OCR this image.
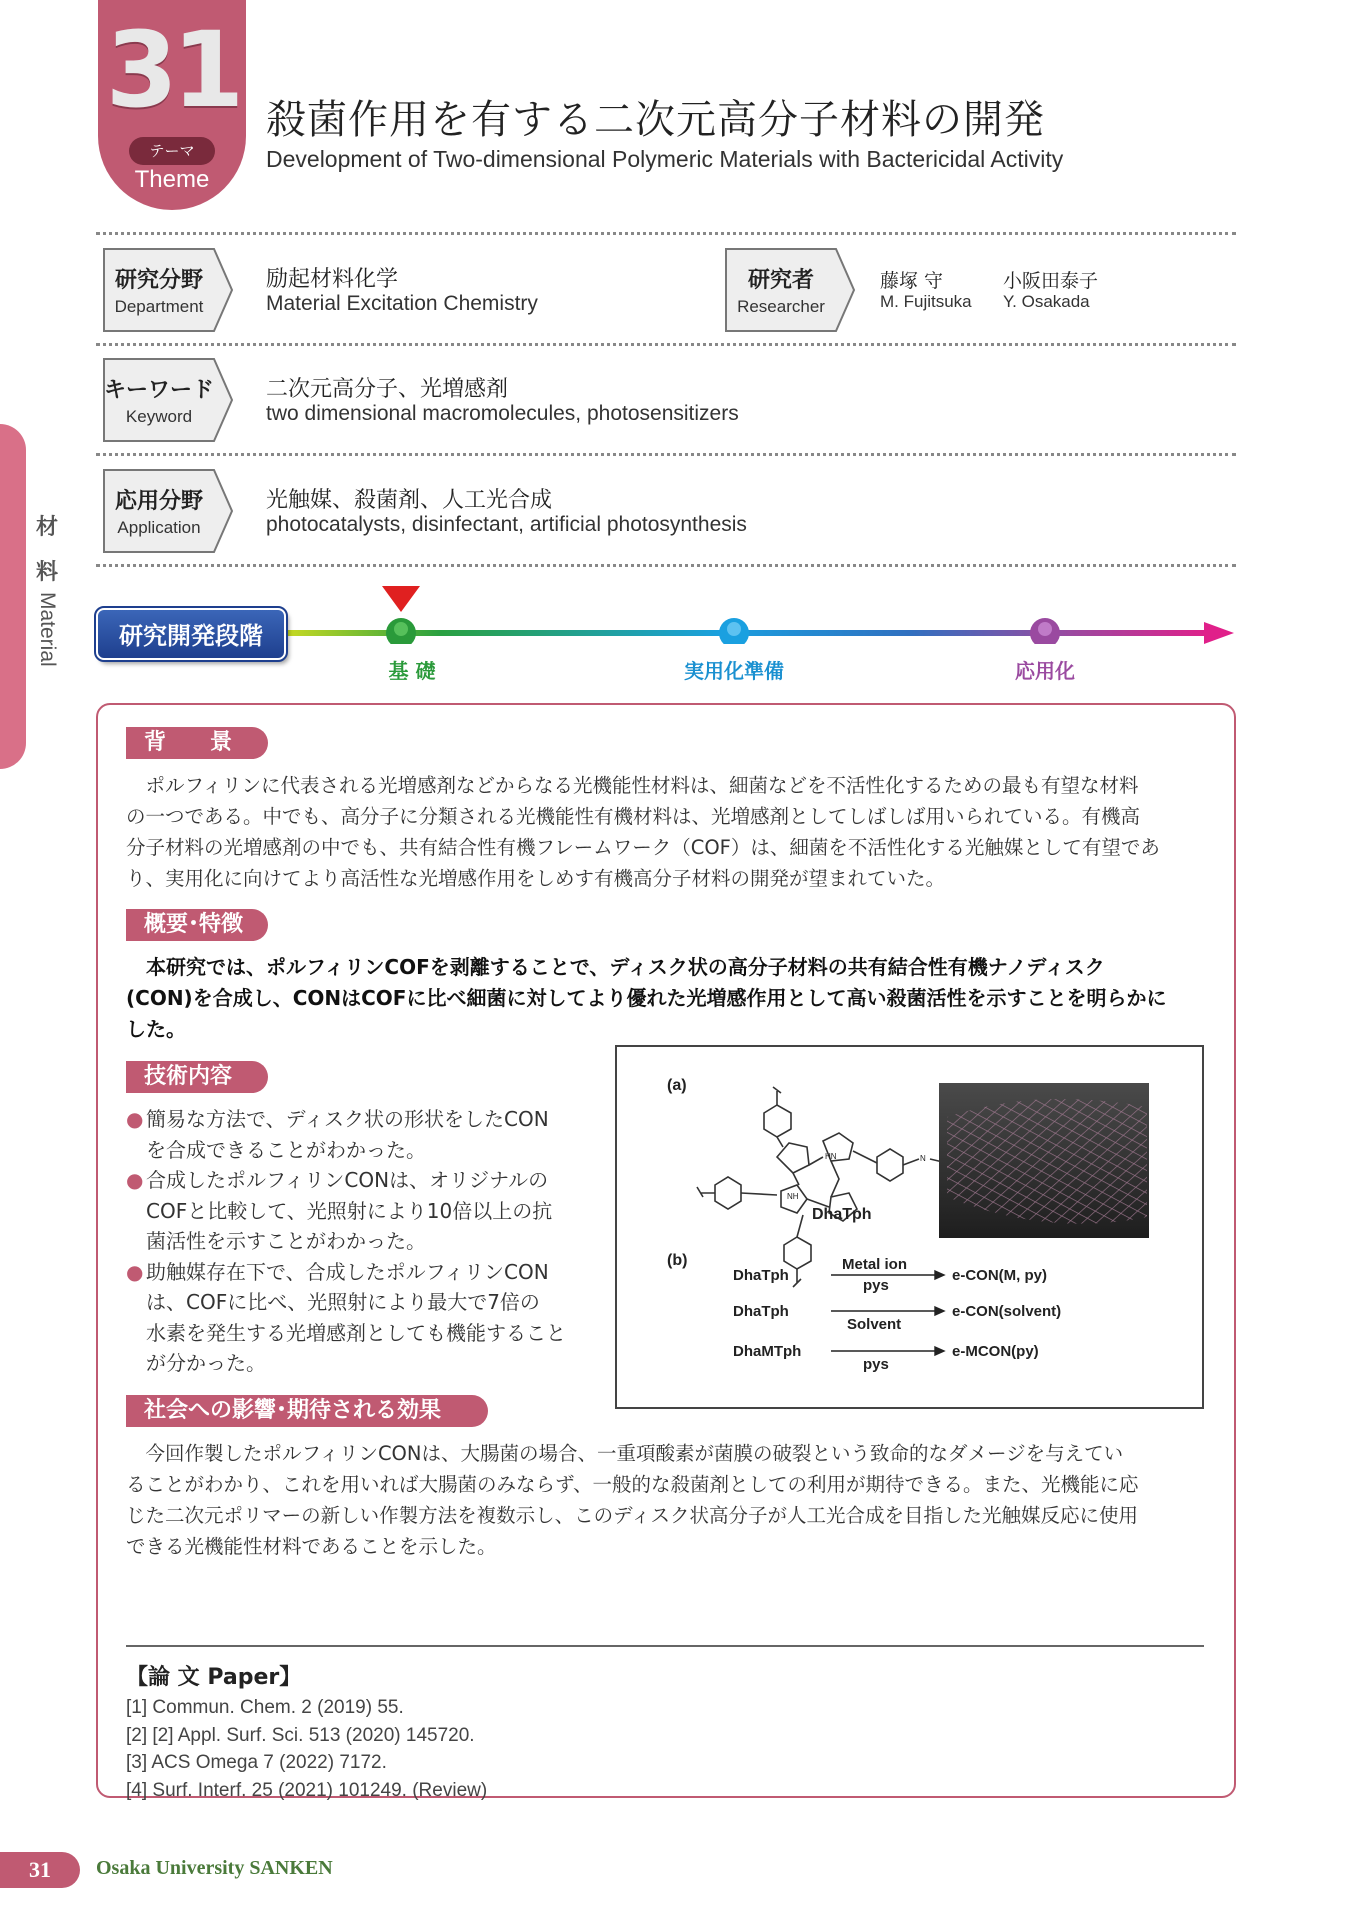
材
料
Material
31
テーマ
Theme
殺菌作用を有する二次元高分子材料の開発
Development of Two-dimensional Polymeric Materials with Bactericidal Activity
研究分野
Department
励起材料化学
Material Excitation Chemistry
研究者
Researcher
藤塚 守
M. Fujitsuka
小阪田泰子
Y. Osakada
キーワード
Keyword
二次元高分子、光増感剤
two dimensional macromolecules, photosensitizers
応用分野
Application
光触媒、殺菌剤、人工光合成
photocatalysts, disinfectant, artificial photosynthesis
研究開発段階
基 礎	実用化準備	応用化
背　　景
　ポルフィリンに代表される光増感剤などからなる光機能性材料は、細菌などを不活性化するための最も有望な材料
の一つである。中でも、高分子に分類される光機能性有機材料は、光増感剤としてしばしば用いられている。有機高
分子材料の光増感剤の中でも、共有結合性有機フレームワーク（COF）は、細菌を不活性化する光触媒として有望であ
り、実用化に向けてより高活性な光増感作用をしめす有機高分子材料の開発が望まれていた。
概要･特徴
　本研究では、ポルフィリンCOFを剥離することで、ディスク状の高分子材料の共有結合性有機ナノディスク
(CON)を合成し、CONはCOFに比べ細菌に対してより優れた光増感作用として高い殺菌活性を示すことを明らかに
した。
技術内容
● 簡易な方法で、ディスク状の形状をしたCON
を合成できることがわかった。
● 合成したポルフィリンCONは、オリジナルの
COFと比較して、光照射により10倍以上の抗
菌活性を示すことがわかった。
● 助触媒存在下で、合成したポルフィリンCON
は、COFに比べ、光照射により最大で7倍の
水素を発生する光増感剤としても機能すること
が分かった。
(a)
HN
NH
N
DhaTph
(b)
DhaTph
Metal ion
pys
e-CON(M, py)
DhaTph
Solvent
e-CON(solvent)
DhaMTph
pys
e-MCON(py)
社会への影響･期待される効果
　今回作製したポルフィリンCONは、大腸菌の場合、一重項酸素が菌膜の破裂という致命的なダメージを与えてい
ることがわかり、これを用いれば大腸菌のみならず、一般的な殺菌剤としての利用が期待できる。また、光機能に応
じた二次元ポリマーの新しい作製方法を複数示し、このディスク状高分子が人工光合成を目指した光触媒反応に使用
できる光機能性材料であることを示した。
【論 文 Paper】
[1] Commun. Chem. 2 (2019) 55.
[2] [2] Appl. Surf. Sci. 513 (2020) 145720.
[3] ACS Omega 7 (2022) 7172.
[4] Surf. Interf. 25 (2021) 101249. (Review)
31	Osaka University SANKEN
